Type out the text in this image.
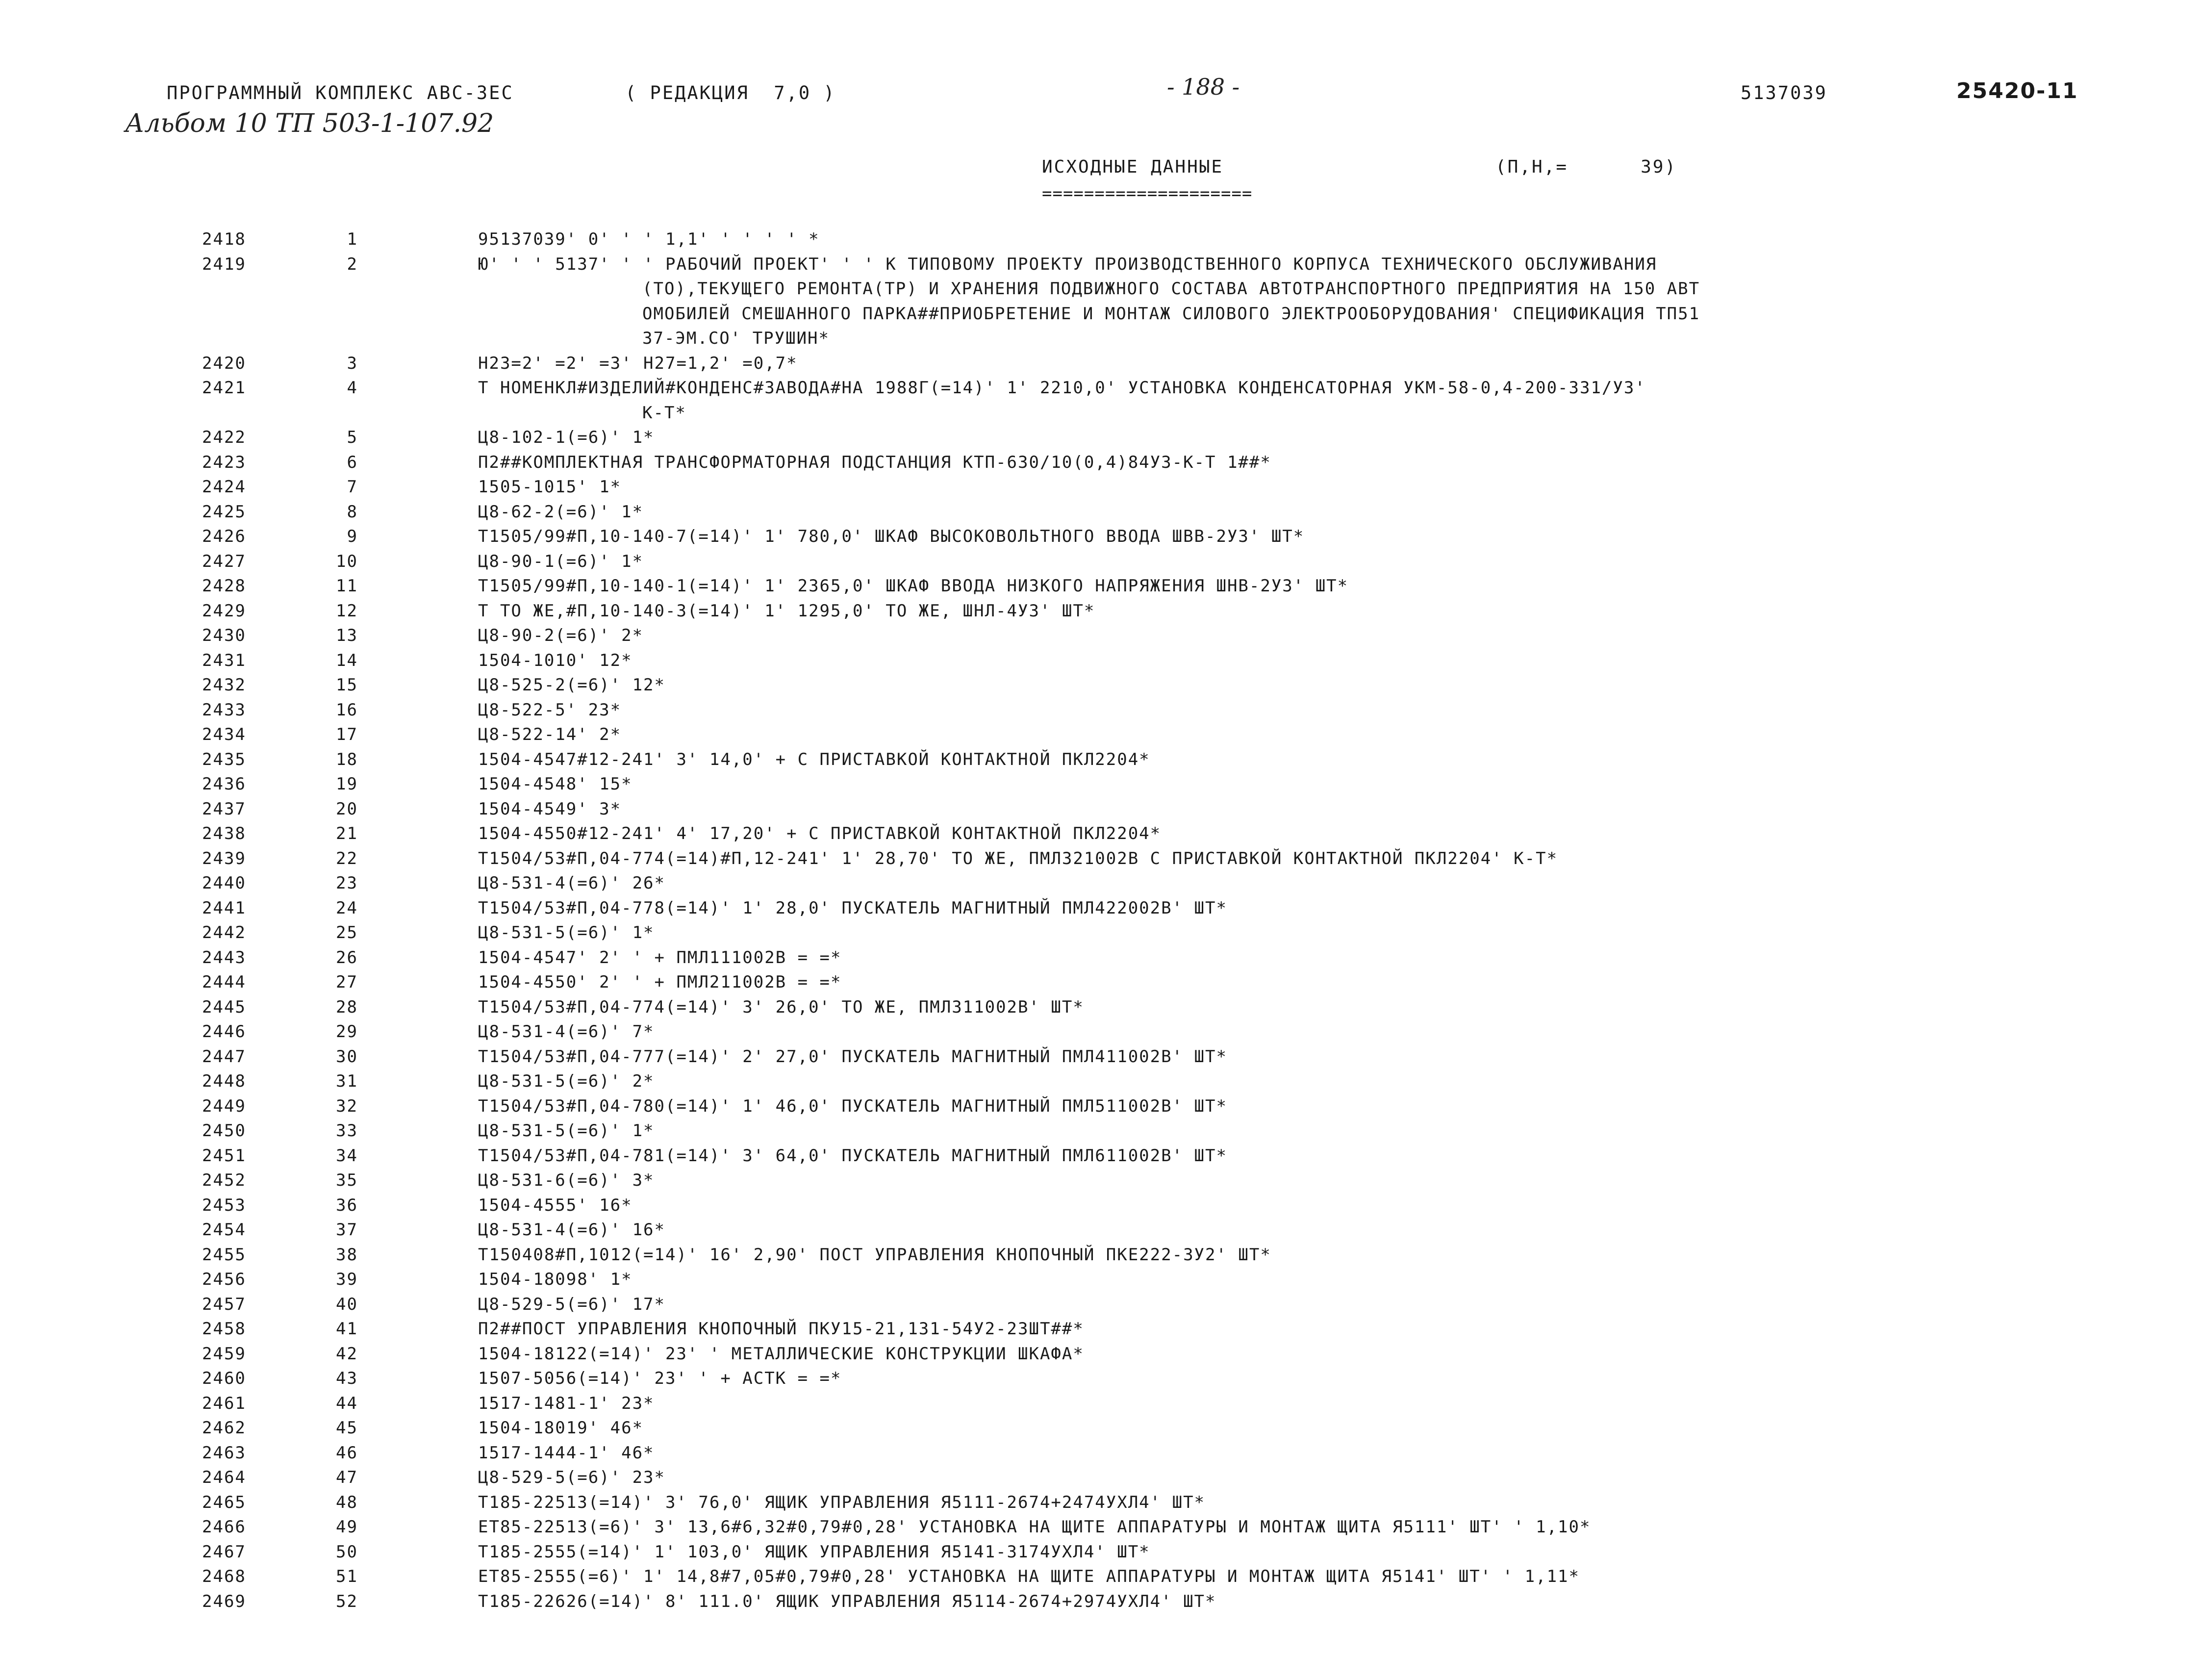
ПРОГРАММНЫЙ КОМПЛЕКС АВС-3ЕС	( РЕДАКЦИЯ  7,0 )	- 188 -	5137039	25420-11
Альбом 10 ТП 503-1-107.92
ИСХОДНЫЕ ДАННЫЕ
====================
(П,Н,=      39)
2418	1	95137039' 0' ' ' 1,1' ' ' ' ' *
2419	2	Ю' ' ' 5137' ' ' РАБОЧИЙ ПРОЕКТ' ' ' К ТИПОВОМУ ПРОЕКТУ ПРОИЗВОДСТВЕННОГО КОРПУСА ТЕХНИЧЕСКОГО ОБСЛУЖИВАНИЯ
(ТО),ТЕКУЩЕГО РЕМОНТА(ТР) И ХРАНЕНИЯ ПОДВИЖНОГО СОСТАВА АВТОТРАНСПОРТНОГО ПРЕДПРИЯТИЯ НА 150 АВТ
ОМОБИЛЕЙ СМЕШАННОГО ПАРКА##ПРИОБРЕТЕНИЕ И МОНТАЖ СИЛОВОГО ЭЛЕКТРООБОРУДОВАНИЯ' СПЕЦИФИКАЦИЯ ТП51
37-ЭМ.СО' ТРУШИН*
2420	3	Н23=2' =2' =3' Н27=1,2' =0,7*
2421	4	Т НОМЕНКЛ#ИЗДЕЛИЙ#КОНДЕНС#ЗАВОДА#НА 1988Г(=14)' 1' 2210,0' УСТАНОВКА КОНДЕНСАТОРНАЯ УКМ-58-0,4-200-331/У3'
К-Т*
2422	5	Ц8-102-1(=6)' 1*
2423	6	П2##КОМПЛЕКТНАЯ ТРАНСФОРМАТОРНАЯ ПОДСТАНЦИЯ КТП-630/10(0,4)84У3-К-Т 1##*
2424	7	1505-1015' 1*
2425	8	Ц8-62-2(=6)' 1*
2426	9	Т1505/99#П,10-140-7(=14)' 1' 780,0' ШКАФ ВЫСОКОВОЛЬТНОГО ВВОДА ШВВ-2У3' ШТ*
2427	10	Ц8-90-1(=6)' 1*
2428	11	Т1505/99#П,10-140-1(=14)' 1' 2365,0' ШКАФ ВВОДА НИЗКОГО НАПРЯЖЕНИЯ ШНВ-2У3' ШТ*
2429	12	Т ТО ЖЕ,#П,10-140-3(=14)' 1' 1295,0' ТО ЖЕ, ШНЛ-4У3' ШТ*
2430	13	Ц8-90-2(=6)' 2*
2431	14	1504-1010' 12*
2432	15	Ц8-525-2(=6)' 12*
2433	16	Ц8-522-5' 23*
2434	17	Ц8-522-14' 2*
2435	18	1504-4547#12-241' 3' 14,0' + С ПРИСТАВКОЙ КОНТАКТНОЙ ПКЛ2204*
2436	19	1504-4548' 15*
2437	20	1504-4549' 3*
2438	21	1504-4550#12-241' 4' 17,20' + С ПРИСТАВКОЙ КОНТАКТНОЙ ПКЛ2204*
2439	22	Т1504/53#П,04-774(=14)#П,12-241' 1' 28,70' ТО ЖЕ, ПМЛ321002В С ПРИСТАВКОЙ КОНТАКТНОЙ ПКЛ2204' К-Т*
2440	23	Ц8-531-4(=6)' 26*
2441	24	Т1504/53#П,04-778(=14)' 1' 28,0' ПУСКАТЕЛЬ МАГНИТНЫЙ ПМЛ422002В' ШТ*
2442	25	Ц8-531-5(=6)' 1*
2443	26	1504-4547' 2' ' + ПМЛ111002В = =*
2444	27	1504-4550' 2' ' + ПМЛ211002В = =*
2445	28	Т1504/53#П,04-774(=14)' 3' 26,0' ТО ЖЕ, ПМЛ311002В' ШТ*
2446	29	Ц8-531-4(=6)' 7*
2447	30	Т1504/53#П,04-777(=14)' 2' 27,0' ПУСКАТЕЛЬ МАГНИТНЫЙ ПМЛ411002В' ШТ*
2448	31	Ц8-531-5(=6)' 2*
2449	32	Т1504/53#П,04-780(=14)' 1' 46,0' ПУСКАТЕЛЬ МАГНИТНЫЙ ПМЛ511002В' ШТ*
2450	33	Ц8-531-5(=6)' 1*
2451	34	Т1504/53#П,04-781(=14)' 3' 64,0' ПУСКАТЕЛЬ МАГНИТНЫЙ ПМЛ611002В' ШТ*
2452	35	Ц8-531-6(=6)' 3*
2453	36	1504-4555' 16*
2454	37	Ц8-531-4(=6)' 16*
2455	38	Т150408#П,1012(=14)' 16' 2,90' ПОСТ УПРАВЛЕНИЯ КНОПОЧНЫЙ ПКЕ222-3У2' ШТ*
2456	39	1504-18098' 1*
2457	40	Ц8-529-5(=6)' 17*
2458	41	П2##ПОСТ УПРАВЛЕНИЯ КНОПОЧНЫЙ ПКУ15-21,131-54У2-23ШТ##*
2459	42	1504-18122(=14)' 23' ' МЕТАЛЛИЧЕСКИЕ КОНСТРУКЦИИ ШКАФА*
2460	43	1507-5056(=14)' 23' ' + АСТК = =*
2461	44	1517-1481-1' 23*
2462	45	1504-18019' 46*
2463	46	1517-1444-1' 46*
2464	47	Ц8-529-5(=6)' 23*
2465	48	Т185-22513(=14)' 3' 76,0' ЯЩИК УПРАВЛЕНИЯ Я5111-2674+2474УХЛ4' ШТ*
2466	49	ЕТ85-22513(=6)' 3' 13,6#6,32#0,79#0,28' УСТАНОВКА НА ЩИТЕ АППАРАТУРЫ И МОНТАЖ ЩИТА Я5111' ШТ' ' 1,10*
2467	50	Т185-2555(=14)' 1' 103,0' ЯЩИК УПРАВЛЕНИЯ Я5141-3174УХЛ4' ШТ*
2468	51	ЕТ85-2555(=6)' 1' 14,8#7,05#0,79#0,28' УСТАНОВКА НА ЩИТЕ АППАРАТУРЫ И МОНТАЖ ЩИТА Я5141' ШТ' ' 1,11*
2469	52	Т185-22626(=14)' 8' 111.0' ЯЩИК УПРАВЛЕНИЯ Я5114-2674+2974УХЛ4' ШТ*
